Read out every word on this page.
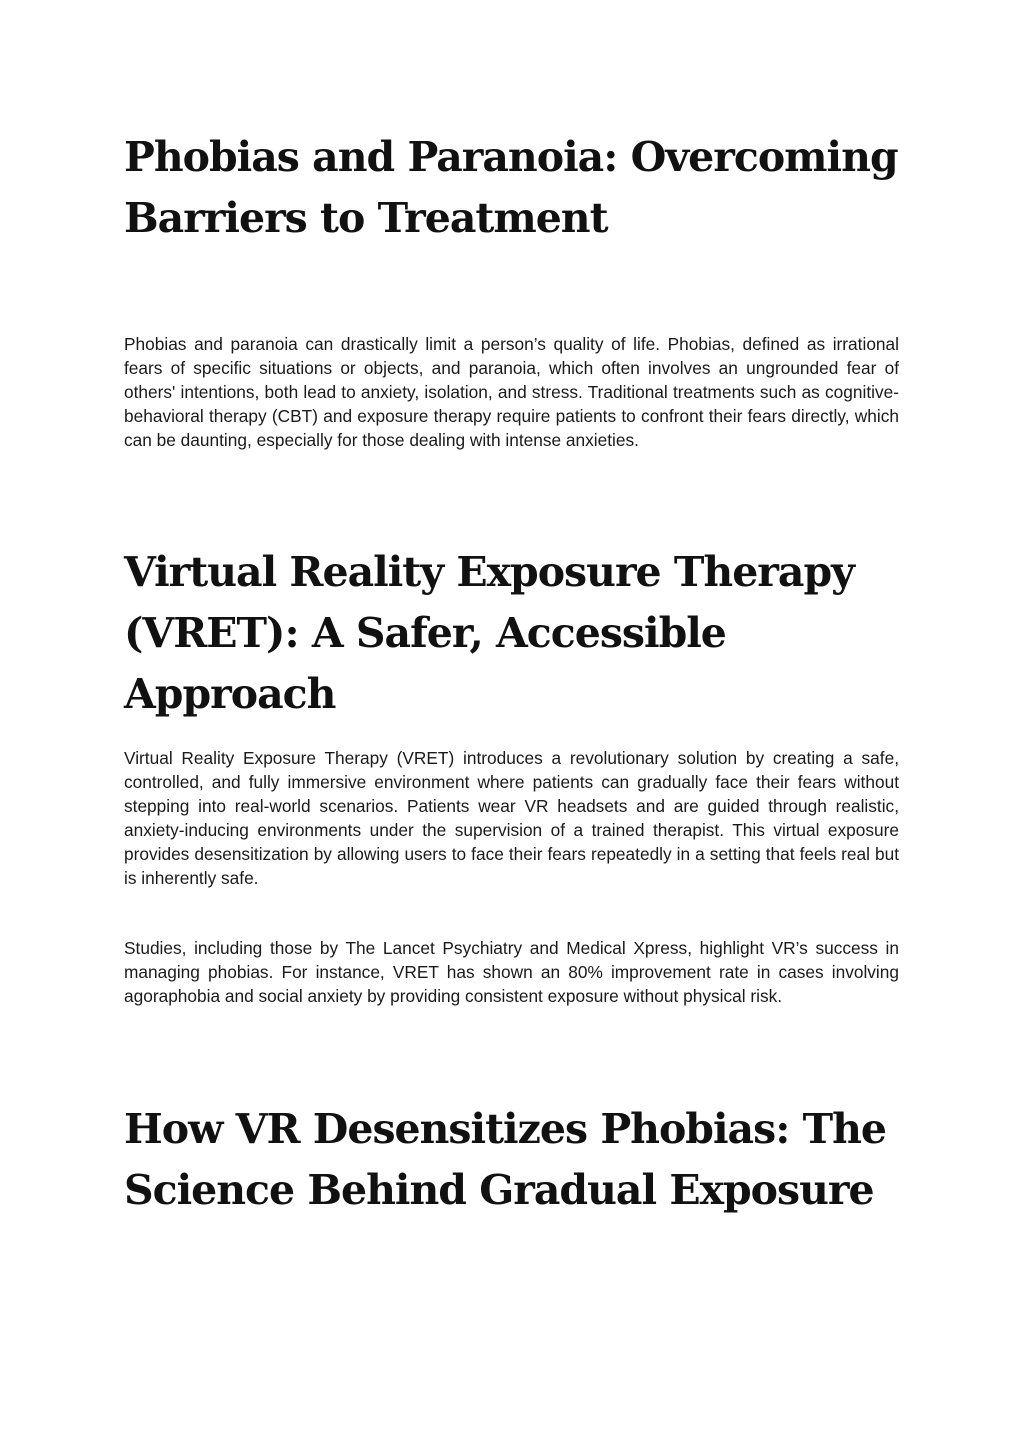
Phobias and Paranoia: Overcoming Barriers to Treatment

Phobias and paranoia can drastically limit a person’s quality of life. Phobias, defined as irrational fears of specific situations or objects, and paranoia, which often involves an ungrounded fear of others' intentions, both lead to anxiety, isolation, and stress. Traditional treatments such as cognitive-behavioral therapy (CBT) and exposure therapy require patients to confront their fears directly, which can be daunting, especially for those dealing with intense anxieties.

Virtual Reality Exposure Therapy (VRET): A Safer, Accessible Approach

Virtual Reality Exposure Therapy (VRET) introduces a revolutionary solution by creating a safe, controlled, and fully immersive environment where patients can gradually face their fears without stepping into real-world scenarios. Patients wear VR headsets and are guided through realistic, anxiety-inducing environments under the supervision of a trained therapist. This virtual exposure provides desensitization by allowing users to face their fears repeatedly in a setting that feels real but is inherently safe.

Studies, including those by The Lancet Psychiatry and Medical Xpress, highlight VR’s success in managing phobias. For instance, VRET has shown an 80% improvement rate in cases involving agoraphobia and social anxiety by providing consistent exposure without physical risk.

How VR Desensitizes Phobias: The Science Behind Gradual Exposure
